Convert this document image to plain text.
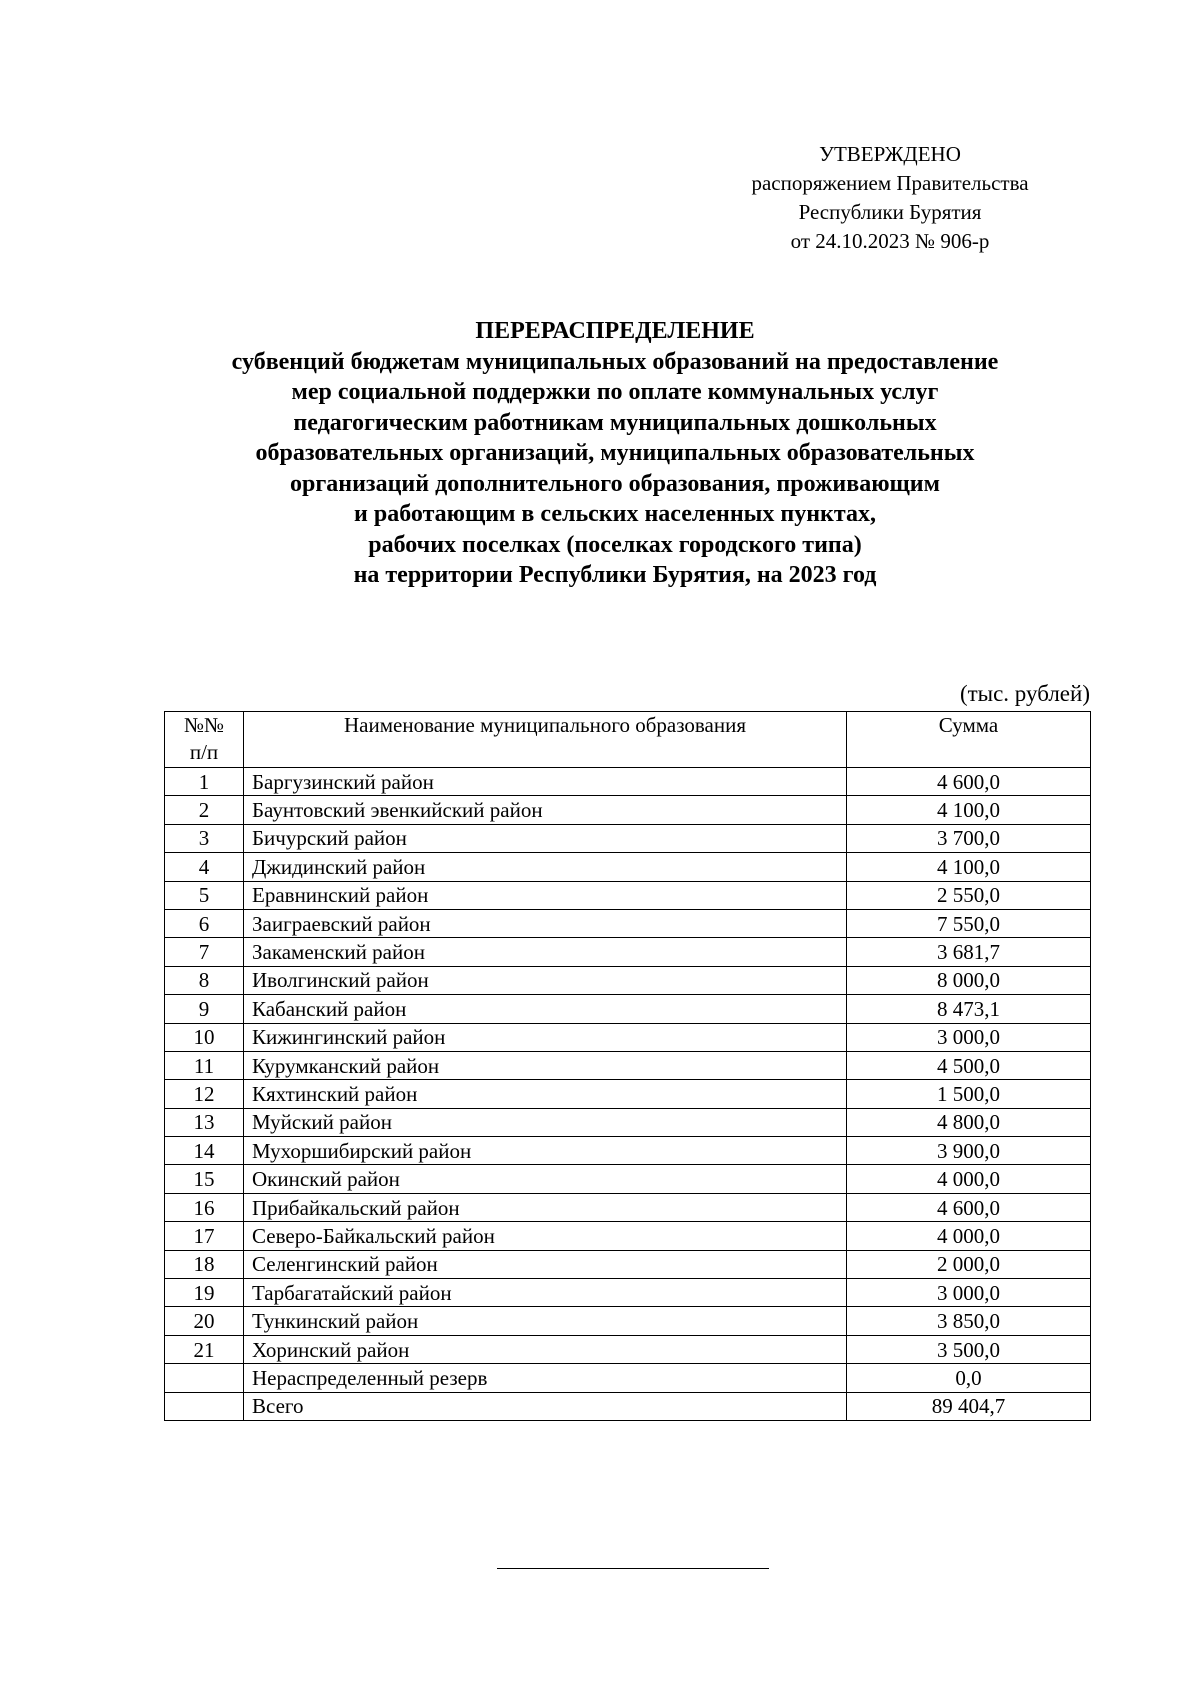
УТВЕРЖДЕНО
распоряжением Правительства
Республики Бурятия
от 24.10.2023 № 906-р
ПЕРЕРАСПРЕДЕЛЕНИЕ
субвенций бюджетам муниципальных образований на предоставление
мер социальной поддержки по оплате коммунальных услуг
педагогическим работникам муниципальных дошкольных
образовательных организаций, муниципальных образовательных
организаций дополнительного образования, проживающим
и работающим в сельских населенных пунктах,
рабочих поселках (поселках городского типа)
на территории Республики Бурятия, на 2023 год
(тыс. рублей)
№№
п/п	Наименование муниципального образования	Сумма
1	Баргузинский район	4 600,0
2	Баунтовский эвенкийский район	4 100,0
3	Бичурский район	3 700,0
4	Джидинский район	4 100,0
5	Еравнинский район	2 550,0
6	Заиграевский район	7 550,0
7	Закаменский район	3 681,7
8	Иволгинский район	8 000,0
9	Кабанский район	8 473,1
10	Кижингинский район	3 000,0
11	Курумканский район	4 500,0
12	Кяхтинский район	1 500,0
13	Муйский район	4 800,0
14	Мухоршибирский район	3 900,0
15	Окинский район	4 000,0
16	Прибайкальский район	4 600,0
17	Северо-Байкальский район	4 000,0
18	Селенгинский район	2 000,0
19	Тарбагатайский район	3 000,0
20	Тункинский район	3 850,0
21	Хоринский район	3 500,0
	Нераспределенный резерв	0,0
	Всего	89 404,7
